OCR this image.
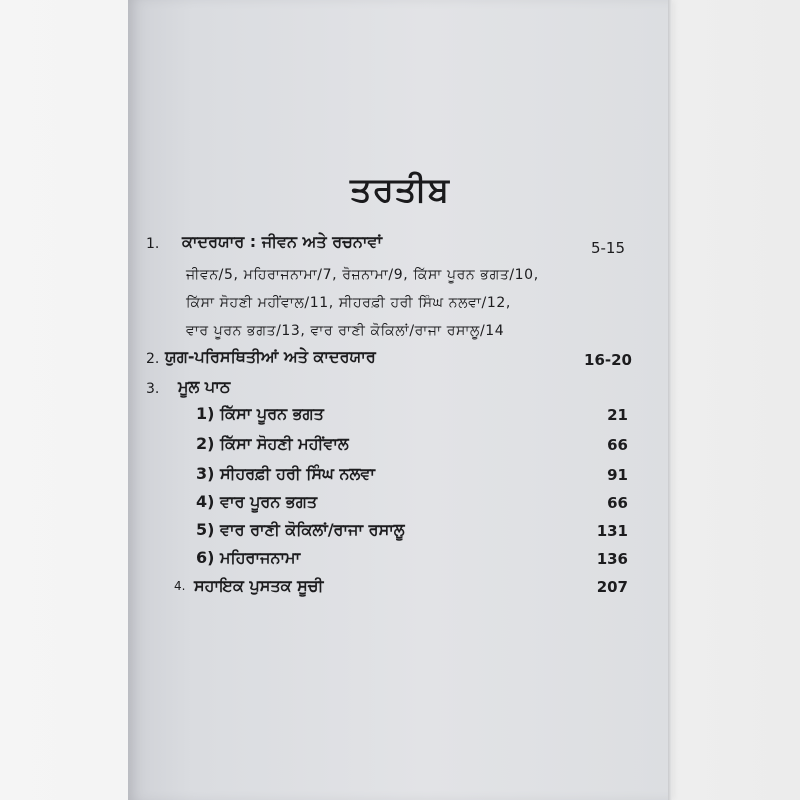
ਤਰਤੀਬ
1. ਕਾਦਰਯਾਰ : ਜੀਵਨ ਅਤੇ ਰਚਨਾਵਾਂ	5-15
ਜੀਵਨ/5, ਮਹਿਰਾਜਨਾਮਾ/7, ਰੋਜ਼ਨਾਮਾ/9, ਕਿੱਸਾ ਪੂਰਨ ਭਗਤ/10,
ਕਿੱਸਾ ਸੋਹਣੀ ਮਹੀਂਵਾਲ/11, ਸੀਹਰਫ਼ੀ ਹਰੀ ਸਿੰਘ ਨਲਵਾ/12,
ਵਾਰ ਪੂਰਨ ਭਗਤ/13, ਵਾਰ ਰਾਣੀ ਕੋਕਿਲਾਂ/ਰਾਜਾ ਰਸਾਲੂ/14
2. ਯੁਗ-ਪਰਿਸਥਿਤੀਆਂ ਅਤੇ ਕਾਦਰਯਾਰ	16-20
3. ਮੂਲ ਪਾਠ
1) ਕਿੱਸਾ ਪੂਰਨ ਭਗਤ	21
2) ਕਿੱਸਾ ਸੋਹਣੀ ਮਹੀਂਵਾਲ	66
3) ਸੀਹਰਫ਼ੀ ਹਰੀ ਸਿੰਘ ਨਲਵਾ	91
4) ਵਾਰ ਪੂਰਨ ਭਗਤ	66
5) ਵਾਰ ਰਾਣੀ ਕੋਕਿਲਾਂ/ਰਾਜਾ ਰਸਾਲੂ	131
6) ਮਹਿਰਾਜਨਾਮਾ	136
4. ਸਹਾਇਕ ਪੁਸਤਕ ਸੂਚੀ	207
